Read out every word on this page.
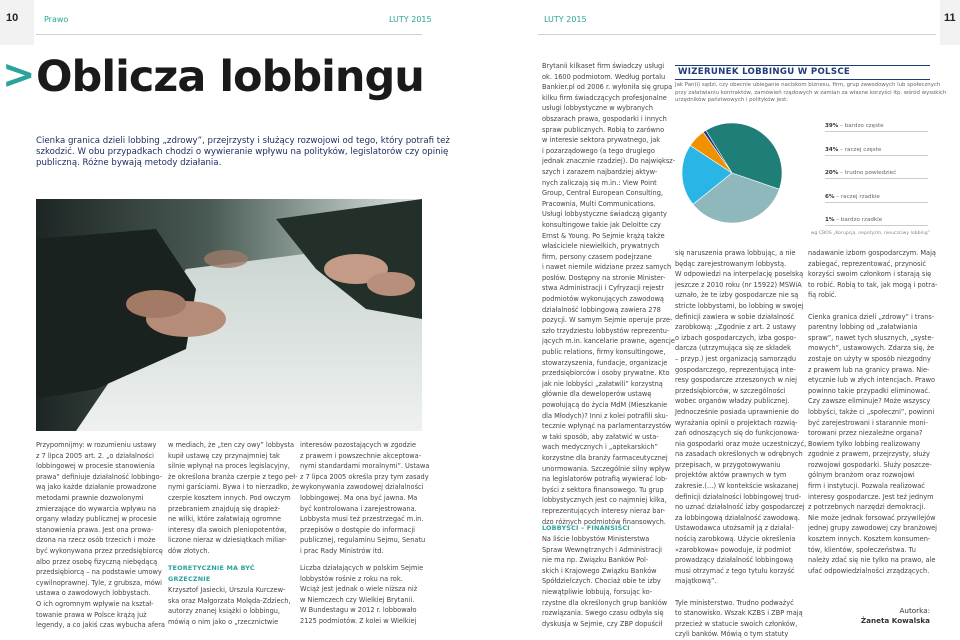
10	Prawo	LUTY 2015	LUTY 2015	11
> Oblicza lobbingu
Cienka granica dzieli lobbing „zdrowy”, przejrzysty i służący rozwojowi od tego, który potrafi też
szkodzić. W obu przypadkach chodzi o wywieranie wpływu na polityków, legislatorów czy opinię
publiczną. Różne bywają metody działania.
Przypomnijmy: w rozumieniu ustawy
z 7 lipca 2005 art. 2. „o działalności
lobbingowej w procesie stanowienia
prawa” definiuje działalność lobbingo-
wą jako każde działanie prowadzone
metodami prawnie dozwolonymi
zmierzające do wywarcia wpływu na
organy władzy publicznej w procesie
stanowienia prawa. Jest ona prowa-
dzona na rzecz osób trzecich i może
być wykonywana przez przedsiębiorcę
albo przez osobę fizyczną niebędącą
przedsiębiorcą – na podstawie umowy
cywilnoprawnej. Tyle, z grubsza, mówi
ustawa o zawodowych lobbystach.
O ich ogromnym wpływie na kształ-
towanie prawa w Polsce krążą już
legendy, a co jakiś czas wybucha afera
w mediach, że „ten czy owy” lobbysta
kupił ustawę czy przynajmniej tak
silnie wpłynął na proces legislacyjny,
że określona branża czerpie z tego peł-
nymi garściami. Bywa i to nierzadko, że
czerpie kosztem innych. Pod owczym
przebraniem znajdują się drapież-
ne wilki, które załatwiają ogromne
interesy dla swoich pleniopotentów,
liczone nieraz w dziesiątkach miliar-
dów złotych.
TEORETYCZNIE MA BYĆ
GRZECZNIE
Krzysztof Jasiecki, Urszula Kurczew-
ska oraz Małgorzata Molęda-Zdziech,
autorzy znanej książki o lobbingu,
mówią o nim jako o „rzecznictwie
interesów pozostających w zgodzie
z prawem i powszechnie akceptowa-
nymi standardami moralnymi”. Ustawa
z 7 lipca 2005 określa przy tym zasady
wykonywania zawodowej działalności
lobbingowej. Ma ona być jawna. Ma
być kontrolowana i zarejestrowana.
Lobbysta musi też przestrzegać m.in.
przepisów o dostępie do informacji
publicznej, regulaminu Sejmu, Senatu
i prac Rady Ministrów itd.
Liczba działających w polskim Sejmie
lobbystów rośnie z roku na rok.
Wciąż jest jednak o wiele niższa niż
w Niemczech czy Wielkiej Brytanii.
W Bundestagu w 2012 r. lobbowało
2125 podmiotów. Z kolei w Wielkiej
Brytanii kilkaset firm świadczy usługi
ok. 1600 podmiotom. Według portalu
Bankier.pl od 2006 r. wyłoniła się grupa
kilku firm świadczących profesjonalne
usługi lobbystyczne w wybranych
obszarach prawa, gospodarki i innych
spraw publicznych. Robią to zarówno
w interesie sektora prywatnego, jak
i pozarządowego (a tego drugiego
jednak znacznie rzadziej). Do największ-
szych i zarazem najbardziej aktyw-
nych zaliczają się m.in.: View Point
Group, Central European Consulting,
Pracownia, Multi Communications.
Usługi lobbystyczne świadczą giganty
konsultingowe takie jak Deloitte czy
Ernst & Young. Po Sejmie krążą także
właściciele niewielkich, prywatnych
firm, persony czasem podejrzane
i nawet niemile widziane przez samych
posłów. Dostępny na stronie Minister-
stwa Administracji i Cyfryzacji rejestr
podmiotów wykonujących zawodową
działalność lobbingową zawiera 278
pozycji. W samym Sejmie operuje prze-
szło trzydziestu lobbystów reprezentu-
jących m.in. kancelarie prawne, agencje
public relations, firmy konsultingowe,
stowarzyszenia, fundacje, organizacje
przedsiębiorców i osoby prywatne. Kto
jak nie lobbyści „załatwili” korzystną
głównie dla deweloperów ustawę
powołującą do życia MdM (Mieszkanie
dla Młodych)? Inni z kolei potrafili sku-
tecznie wpłynąć na parlamentarzystów
w taki sposób, aby załatwić w usta-
wach medycznych i „aptekarskich”
korzystne dla branży farmaceutycznej
unormowania. Szczególnie silny wpływ
na legislatorów potrafią wywierać lob-
byści z sektora finansowego. Tu grup
lobbystycznych jest co najmniej kilka,
reprezentujących interesy nieraz bar-
dzo różnych podmiotów finansowych.
LOBBYŚCI – FINANSIŚCI
Na liście lobbystów Ministerstwa
Spraw Wewnętrznych i Administracji
nie ma np. Związku Banków Pol-
skich i Krajowego Związku Banków
Spółdzielczych. Chociaż obie te izby
niewątpliwie lobbują, forsując ko-
rzystne dla określonych grup bankiów
rozwiązania. Swego czasu odbyła się
dyskusja w Sejmie, czy ZBP dopuścił
WIZERUNEK LOBBINGU W POLSCE
Jak Pan(i) sądzi, czy obecnie ubieganie naciskom biznesu, firm, grup zawodowych lub społecznych
przy załatwianiu kontraktów, zamówień rządowych w zamian za własne korzyści itp. wśród wysokich
urzędników państwowych i polityków jest:
39% – bardzo częste
34% – raczej częste
20% – trudno powiedzieć
6% – raczej rzadkie
1% – bardzo rzadkie
wg CBOS „Korupcja, nepotyzm, nieuczciwy lobbing”
się naruszenia prawa lobbując, a nie
będąc zarejestrowanym lobbystą.
W odpowiedzi na interpelację poselską
jeszcze z 2010 roku (nr 15922) MSWiA
uznało, że te izby gospodarcze nie są
stricte lobbystami, bo lobbing w swojej
definicji zawiera w sobie działalność
zarobkową: „Zgodnie z art. 2 ustawy
o izbach gospodarczych, izba gospo-
darcza (utrzymująca się ze składek
– przyp.) jest organizacją samorządu
gospodarczego, reprezentującą inte-
resy gospodarcze zrzeszonych w niej
przedsiębiorców, w szczególności
wobec organów władzy publicznej.
Jednocześnie posiada uprawnienie do
wyrażania opinii o projektach rozwią-
zań odnoszących się do funkcjonowa-
nia gospodarki oraz może uczestniczyć,
na zasadach określonych w odrębnych
przepisach, w przygotowywaniu
projektów aktów prawnych w tym
zakresie.(…) W kontekście wskazanej
definicji działalności lobbingowej trud-
no uznać działalność izby gospodarczej
za lobbingową działalność zawodową.
Ustawodawca utożsamił ją z działal-
nością zarobkową. Użycie określenia
»zarobkowa« powoduje, iż podmiot
prowadzący działalność lobbingową
musi otrzymać z tego tytułu korzyść
majątkową”.

Tyle ministerstwo. Trudno podważyć
to stanowisko. Wszak KZBS i ZBP mają
przecież w statucie swoich członków,
czyli banków. Mówią o tym statuty
nadawanie izbom gospodarczym. Mają
zabiegać, reprezentować, przynosić
korzyści swoim członkom i starają się
to robić. Robią to tak, jak mogą i potra-
fią robić.

Cienka granica dzieli „zdrowy” i trans-
parentny lobbing od „załatwiania
spraw”, nawet tych słusznych, „syste-
mowych”, ustawowych. Zdarza się, że
zostaje on użyty w sposób niezgodny
z prawem lub na granicy prawa. Nie-
etycznie lub w złych intencjach. Prawo
powinno takie przypadki eliminować.
Czy zawsze eliminuje? Może wszyscy
lobbyści, także ci „społeczni”, powinni
być zarejestrowani i starannie moni-
torowani przez niezależne organa?
Bowiem tylko lobbing realizowany
zgodnie z prawem, przejrzysty, służy
rozwojowi gospodarki. Służy poszcze-
gólnym branżom oraz rozwojowi
firm i instytucji. Pozwala realizować
interesy gospodarcze. Jest też jednym
z potrzebnych narzędzi demokracji.
Nie może jednak forsować przywilejów
jednej grupy zawodowej czy branżowej
kosztem innych. Kosztem konsumen-
tów, klientów, społeczeństwa. Tu
należy zdać się nie tylko na prawo, ale
ufać odpowiedzialności zrządzących.
Autorka:
Żaneta Kowalska
